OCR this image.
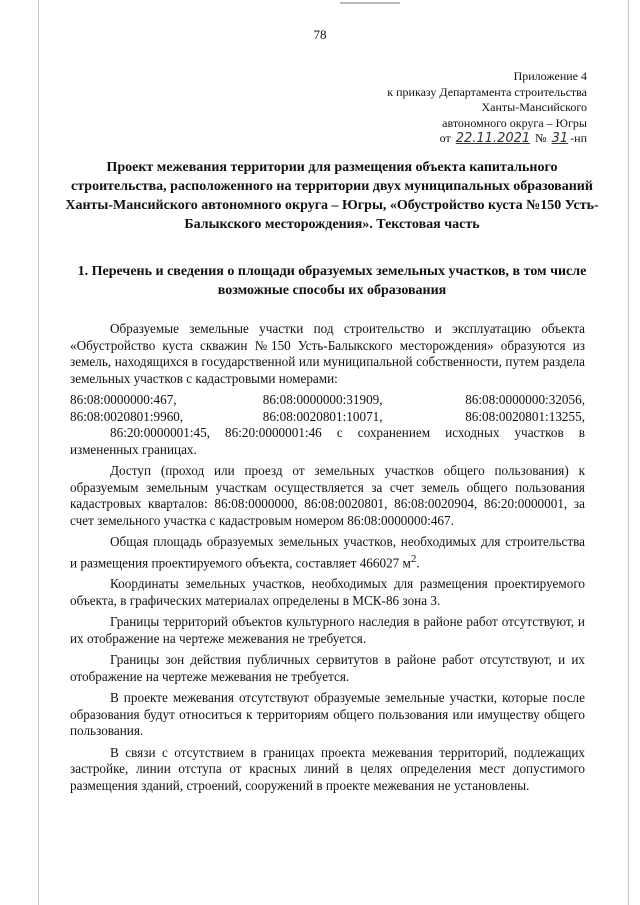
78
Приложение 4
к приказу Департамента строительства
Ханты-Мансийского
автономного округа – Югры
от 22.11.2021 № 31 -нп
Проект межевания территории для размещения объекта капитального строительства, расположенного на территории двух муниципальных образований Ханты-Мансийского автономного округа – Югры, «Обустройство куста №150 Усть-Балыкского месторождения». Текстовая часть
1. Перечень и сведения о площади образуемых земельных участков, в том числе возможные способы их образования

Образуемые земельные участки под строительство и эксплуатацию объекта «Обустройство куста скважин №150 Усть-Балыкского месторождения» образуются из земель, находящихся в государственной или муниципальной собственности, путем раздела земельных участков с кадастровыми номерами:

86:08:0000000:467,	86:08:0000000:31909,	86:08:0000000:32056,
86:08:0020801:9960,	86:08:0020801:10071,	86:08:0020801:13255,

86:20:0000001:45, 86:20:0000001:46 с сохранением исходных участков в измененных границах.

Доступ (проход или проезд от земельных участков общего пользования) к образуемым земельным участкам осуществляется за счет земель общего пользования кадастровых кварталов: 86:08:0000000, 86:08:0020801, 86:08:0020904, 86:20:0000001, за счет земельного участка с кадастровым номером 86:08:0000000:467.

Общая площадь образуемых земельных участков, необходимых для строительства и размещения проектируемого объекта, составляет 466027 $м^2$.

Координаты земельных участков, необходимых для размещения проектируемого объекта, в графических материалах определены в МСК-86 зона 3.

Границы территорий объектов культурного наследия в районе работ отсутствуют, и их отображение на чертеже межевания не требуется.

Границы зон действия публичных сервитутов в районе работ отсутствуют, и их отображение на чертеже межевания не требуется.

В проекте межевания отсутствуют образуемые земельные участки, которые после образования будут относиться к территориям общего пользования или имуществу общего пользования.

В связи с отсутствием в границах проекта межевания территорий, подлежащих застройке, линии отступа от красных линий в целях определения мест допустимого размещения зданий, строений, сооружений в проекте межевания не установлены.
